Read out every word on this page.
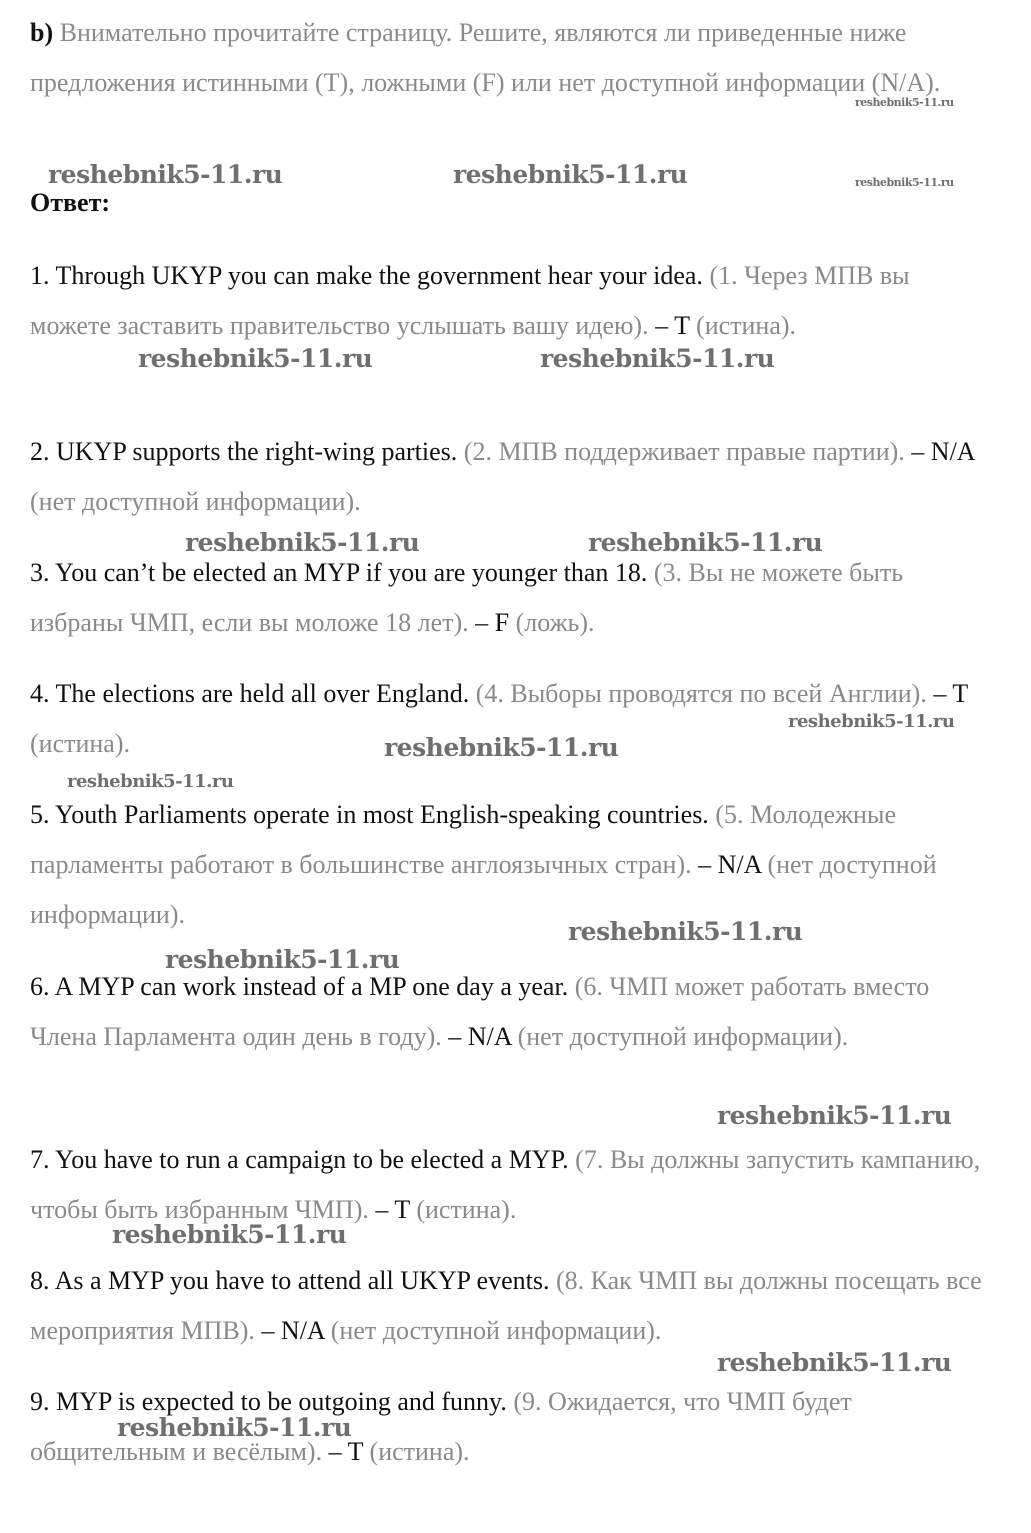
b) Внимательно прочитайте страницу. Решите, являются ли приведенные ниже предложения истинными (T), ложными (F) или нет доступной информации (N/A).
Ответ:
1. Through UKYP you can make the government hear your idea. (1. Через МПВ вы можете заставить правительство услышать вашу идею). – T (истина).
2. UKYP supports the right-wing parties. (2. МПВ поддерживает правые партии). – N/A (нет доступной информации).
3. You can’t be elected an MYP if you are younger than 18. (3. Вы не можете быть избраны ЧМП, если вы моложе 18 лет). – F (ложь).
4. The elections are held all over England. (4. Выборы проводятся по всей Англии). – T (истина).
5. Youth Parliaments operate in most English-speaking countries. (5. Молодежные парламенты работают в большинстве англоязычных стран). – N/A (нет доступной информации).
6. A MYP can work instead of a MP one day a year. (6. ЧМП может работать вместо Члена Парламента один день в году). – N/A (нет доступной информации).
7. You have to run a campaign to be elected a MYP. (7. Вы должны запустить кампанию, чтобы быть избранным ЧМП). – T (истина).
8. As a MYP you have to attend all UKYP events. (8. Как ЧМП вы должны посещать все мероприятия МПВ). – N/A (нет доступной информации).
9. MYP is expected to be outgoing and funny. (9. Ожидается, что ЧМП будет общительным и весёлым). – T (истина).
reshebnik5-11.ru
reshebnik5-11.ru	reshebnik5-11.ru	reshebnik5-11.ru
reshebnik5-11.ru	reshebnik5-11.ru
reshebnik5-11.ru	reshebnik5-11.ru
reshebnik5-11.ru
reshebnik5-11.ru
reshebnik5-11.ru
reshebnik5-11.ru
reshebnik5-11.ru
reshebnik5-11.ru
reshebnik5-11.ru
reshebnik5-11.ru
reshebnik5-11.ru
